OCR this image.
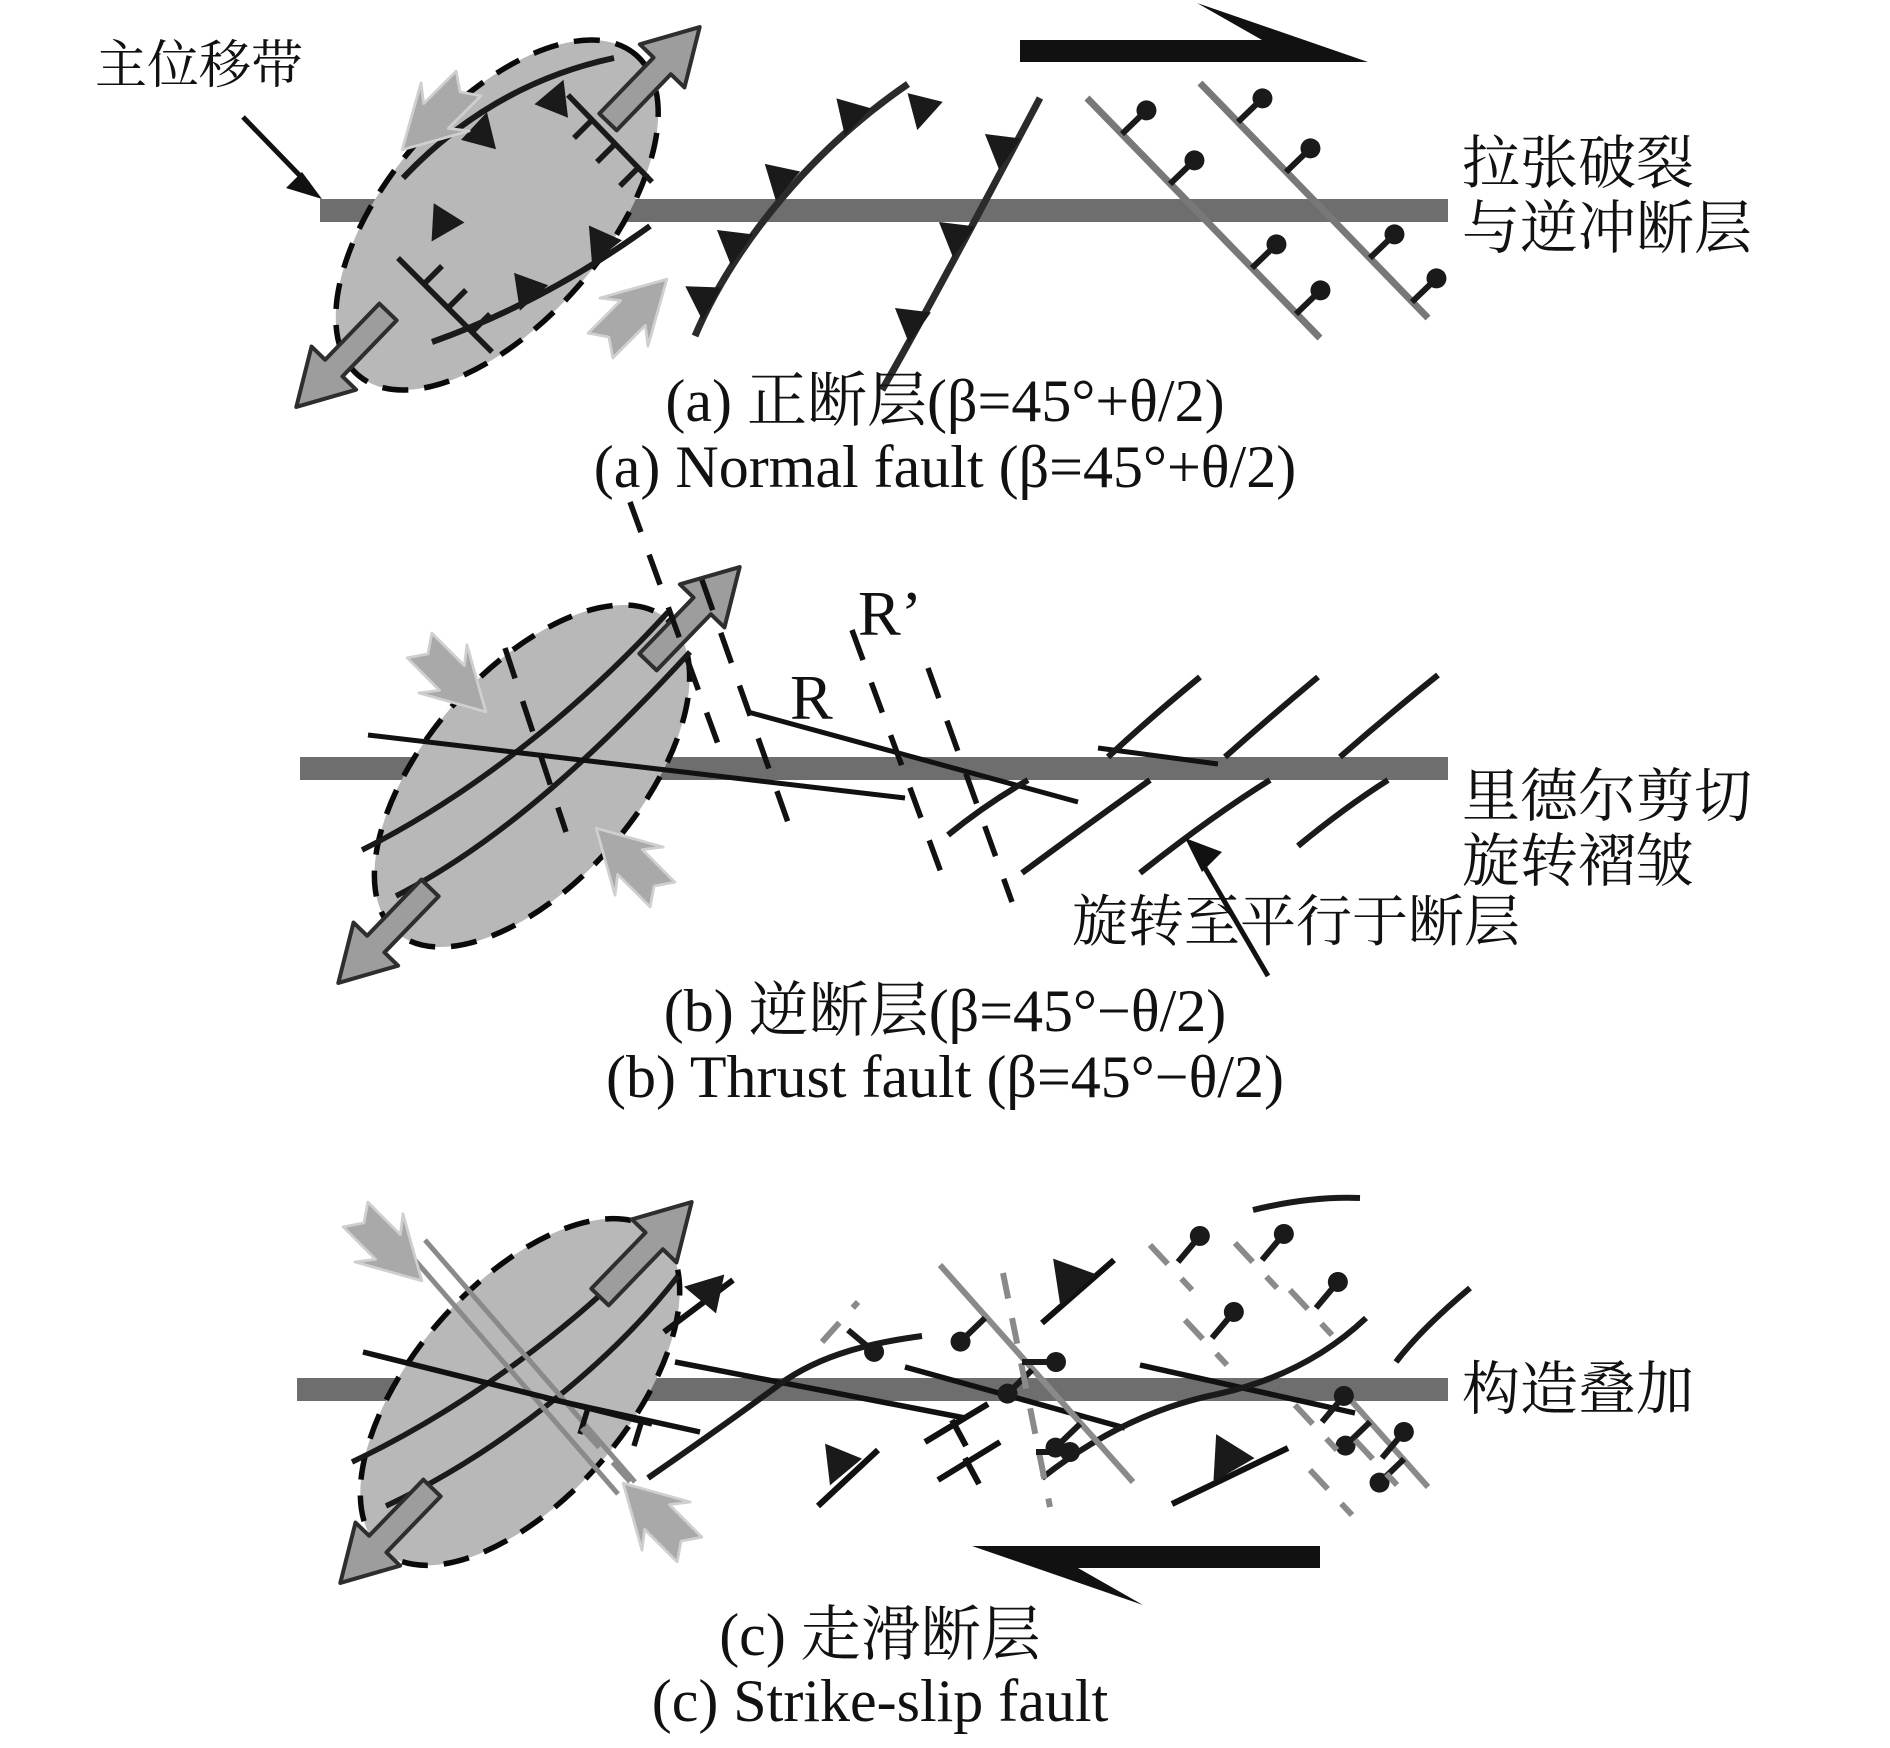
主位移带
拉张破裂
与逆冲断层
(a) 正断层(β=45°+θ/2)
(a) Normal fault (β=45°+θ/2)
R
R’
里德尔剪切
旋转褶皱
旋转至平行于断层
(b) 逆断层(β=45°−θ/2)
(b) Thrust fault (β=45°−θ/2)
构造叠加
(c) 走滑断层
(c) Strike-slip fault
